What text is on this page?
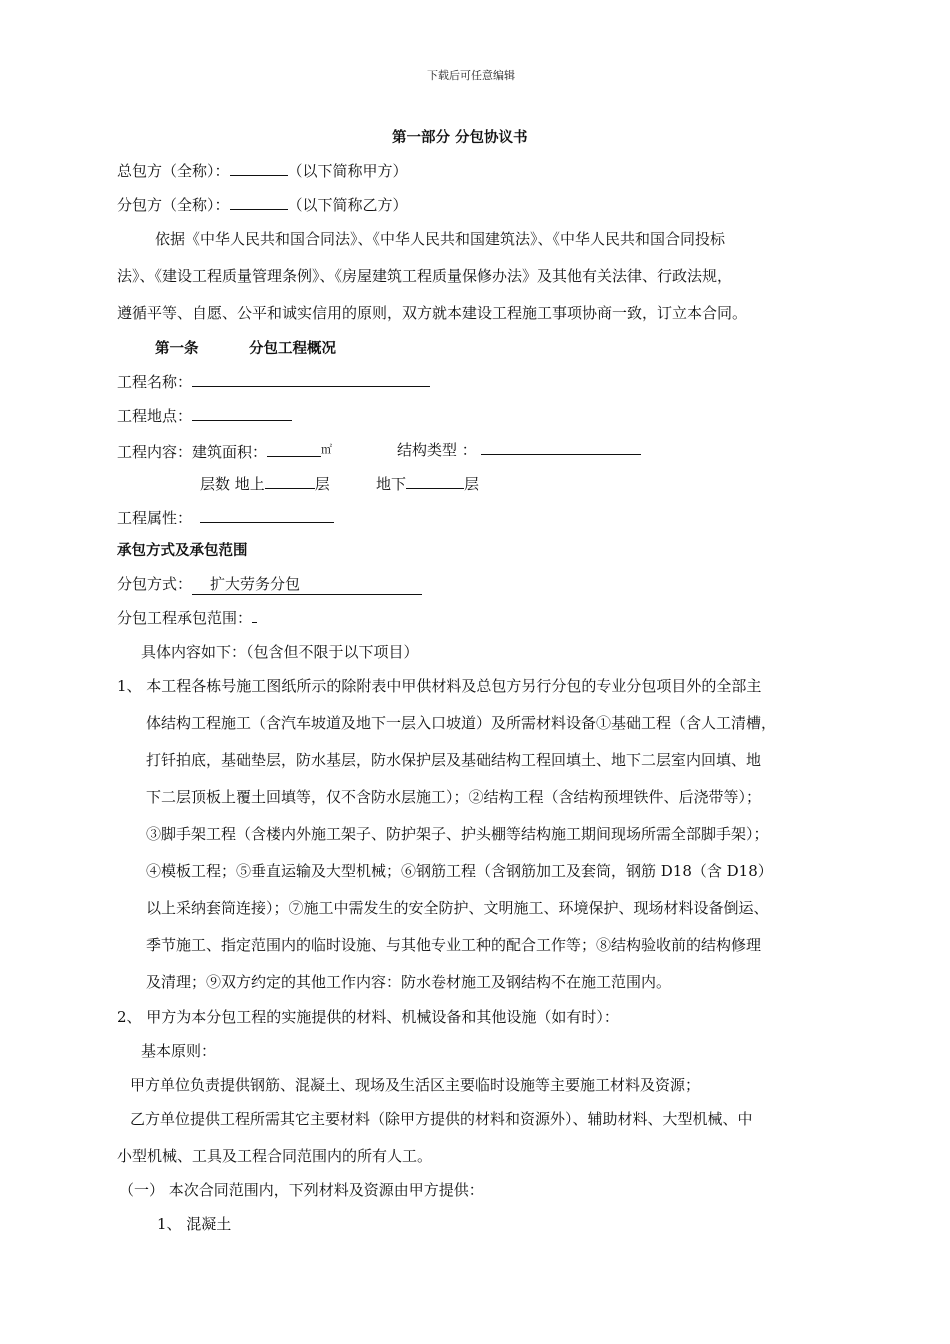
下载后可任意编辑
第一部分 分包协议书
总包方（全称）：	（以下简称甲方）
分包方（全称）：	（以下简称乙方）
依据《中华人民共和国合同法》、《中华人民共和国建筑法》、《中华人民共和国合同投标
法》、《建设工程质量管理条例》、《房屋建筑工程质量保修办法》及其他有关法律、行政法规，
遵循平等、自愿、公平和诚实信用的原则，双方就本建设工程施工事项协商一致，订立本合同。
第一条	分包工程概况
工程名称：
工程地点：
工程内容：建筑面积：	㎡	结构类型 ：
层数 地上	层	地下	层
工程属性：
承包方式及承包范围
分包方式： 扩大劳务分包
分包工程承包范围：
具体内容如下：（包含但不限于以下项目）
1、 本工程各栋号施工图纸所示的除附表中甲供材料及总包方另行分包的专业分包项目外的全部主
体结构工程施工（含汽车坡道及地下一层入口坡道）及所需材料设备①基础工程（含人工清槽，
打钎拍底，基础垫层，防水基层，防水保护层及基础结构工程回填土、地下二层室内回填、地
下二层顶板上覆土回填等，仅不含防水层施工）；②结构工程（含结构预埋铁件、后浇带等）；
③脚手架工程（含楼内外施工架子、防护架子、护头棚等结构施工期间现场所需全部脚手架）；
④模板工程；⑤垂直运输及大型机械；⑥钢筋工程（含钢筋加工及套筒，钢筋 D18（含 D18）
以上采纳套筒连接）；⑦施工中需发生的安全防护、文明施工、环境保护、现场材料设备倒运、
季节施工、指定范围内的临时设施、与其他专业工种的配合工作等；⑧结构验收前的结构修理
及清理；⑨双方约定的其他工作内容：防水卷材施工及钢结构不在施工范围内。
2、 甲方为本分包工程的实施提供的材料、机械设备和其他设施（如有时）：
基本原则：
甲方单位负责提供钢筋、混凝土、现场及生活区主要临时设施等主要施工材料及资源；
乙方单位提供工程所需其它主要材料（除甲方提供的材料和资源外）、辅助材料、大型机械、中
小型机械、工具及工程合同范围内的所有人工。
（一） 本次合同范围内，下列材料及资源由甲方提供：
1、 混凝土
